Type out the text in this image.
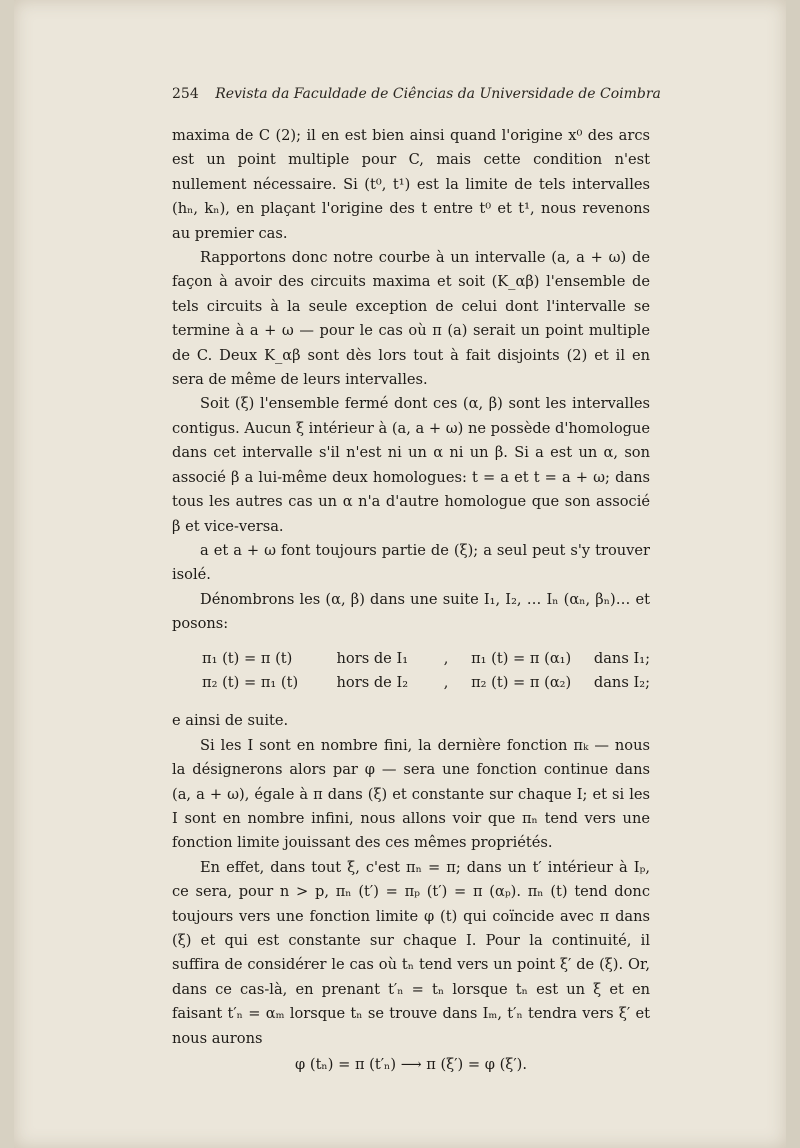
254 Revista da Faculdade de Ciências da Universidade de Coimbra

maxima de C (2); il en est bien ainsi quand l'origine x⁰ des arcs est un point multiple pour C, mais cette condition n'est nullement nécessaire. Si (t⁰, t¹) est la limite de tels intervalles (hₙ, kₙ), en plaçant l'origine des t entre t⁰ et t¹, nous revenons au premier cas.

Rapportons donc notre courbe à un intervalle (a, a + ω) de façon à avoir des circuits maxima et soit (K_αβ) l'ensemble de tels circuits à la seule exception de celui dont l'intervalle se termine à a + ω — pour le cas où π (a) serait un point multiple de C. Deux K_αβ sont dès lors tout à fait disjoints (2) et il en sera de même de leurs intervalles.

Soit (ξ) l'ensemble fermé dont ces (α, β) sont les intervalles contigus. Aucun ξ intérieur à (a, a + ω) ne possède d'homologue dans cet intervalle s'il n'est ni un α ni un β. Si a est un α, son associé β a lui-même deux homologues: t = a et t = a + ω; dans tous les autres cas un α n'a d'autre homologue que son associé β et vice-versa.

a et a + ω font toujours partie de (ξ); a seul peut s'y trouver isolé.

Dénombrons les (α, β) dans une suite I₁, I₂, … Iₙ (αₙ, βₙ)… et posons:

π₁ (t) = π (t)	hors de I₁	,	π₁ (t) = π (α₁)	dans I₁;
π₂ (t) = π₁ (t)	hors de I₂	,	π₂ (t) = π (α₂)	dans I₂;

e ainsi de suite.

Si les I sont en nombre fini, la dernière fonction πₖ — nous la désignerons alors par φ — sera une fonction continue dans (a, a + ω), égale à π dans (ξ) et constante sur chaque I; et si les I sont en nombre infini, nous allons voir que πₙ tend vers une fonction limite jouissant des ces mêmes propriétés.

En effet, dans tout ξ, c'est πₙ = π; dans un t′ intérieur à Iₚ, ce sera, pour n > p, πₙ (t′) = πₚ (t′) = π (αₚ). πₙ (t) tend donc toujours vers une fonction limite φ (t) qui coïncide avec π dans (ξ) et qui est constante sur chaque I. Pour la continuité, il suffira de considérer le cas où tₙ tend vers un point ξ′ de (ξ). Or, dans ce cas-là, en prenant t′ₙ = tₙ lorsque tₙ est un ξ et en faisant t′ₙ = αₘ lorsque tₙ se trouve dans Iₘ, t′ₙ tendra vers ξ′ et nous aurons

φ (tₙ) = π (t′ₙ) ⟶ π (ξ′) = φ (ξ′).
